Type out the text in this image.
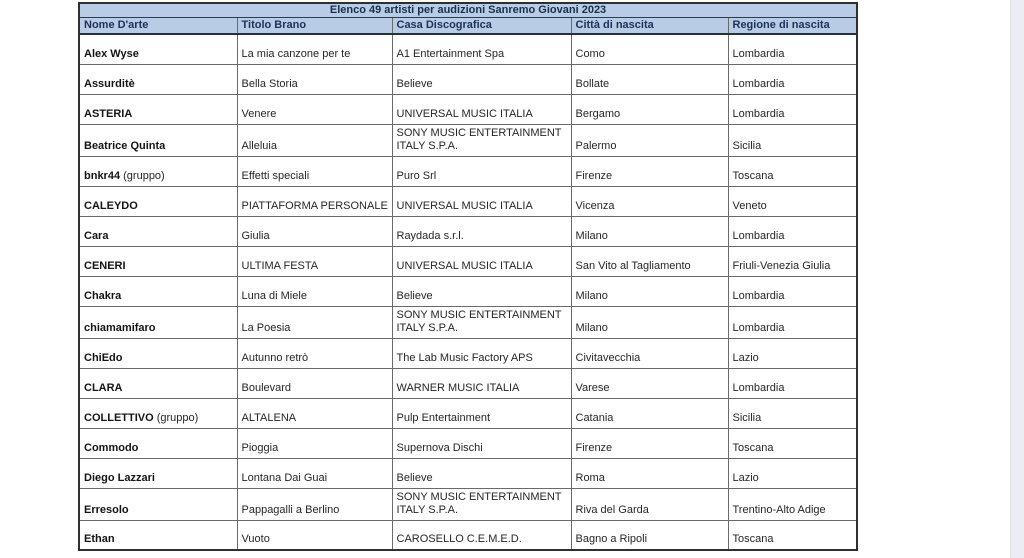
Elenco 49 artisti per audizioni Sanremo Giovani 2023				
Nome D'arte	Titolo Brano	Casa Discografica	Città di nascita	Regione di nascita
Alex Wyse	La mia canzone per te	A1 Entertainment Spa	Como	Lombardia
Assurditè	Bella Storia	Believe	Bollate	Lombardia
ASTERIA	Venere	UNIVERSAL MUSIC ITALIA	Bergamo	Lombardia
Beatrice Quinta	Alleluia	SONY MUSIC ENTERTAINMENT ITALY S.P.A.	Palermo	Sicilia
bnkr44 (gruppo)	Effetti speciali	Puro Srl	Firenze	Toscana
CALEYDO	PIATTAFORMA PERSONALE	UNIVERSAL MUSIC ITALIA	Vicenza	Veneto
Cara	Giulia	Raydada s.r.l.	Milano	Lombardia
CENERI	ULTIMA FESTA	UNIVERSAL MUSIC ITALIA	San Vito al Tagliamento	Friuli-Venezia Giulia
Chakra	Luna di Miele	Believe	Milano	Lombardia
chiamamifaro	La Poesia	SONY MUSIC ENTERTAINMENT ITALY S.P.A.	Milano	Lombardia
ChiEdo	Autunno retrò	The Lab Music Factory APS	Civitavecchia	Lazio
CLARA	Boulevard	WARNER MUSIC ITALIA	Varese	Lombardia
COLLETTIVO (gruppo)	ALTALENA	Pulp Entertainment	Catania	Sicilia
Commodo	Pioggia	Supernova Dischi	Firenze	Toscana
Diego Lazzari	Lontana Dai Guai	Believe	Roma	Lazio
Erresolo	Pappagalli a Berlino	SONY MUSIC ENTERTAINMENT ITALY S.P.A.	Riva del Garda	Trentino-Alto Adige
Ethan	Vuoto	CAROSELLO C.E.M.E.D.	Bagno a Ripoli	Toscana
